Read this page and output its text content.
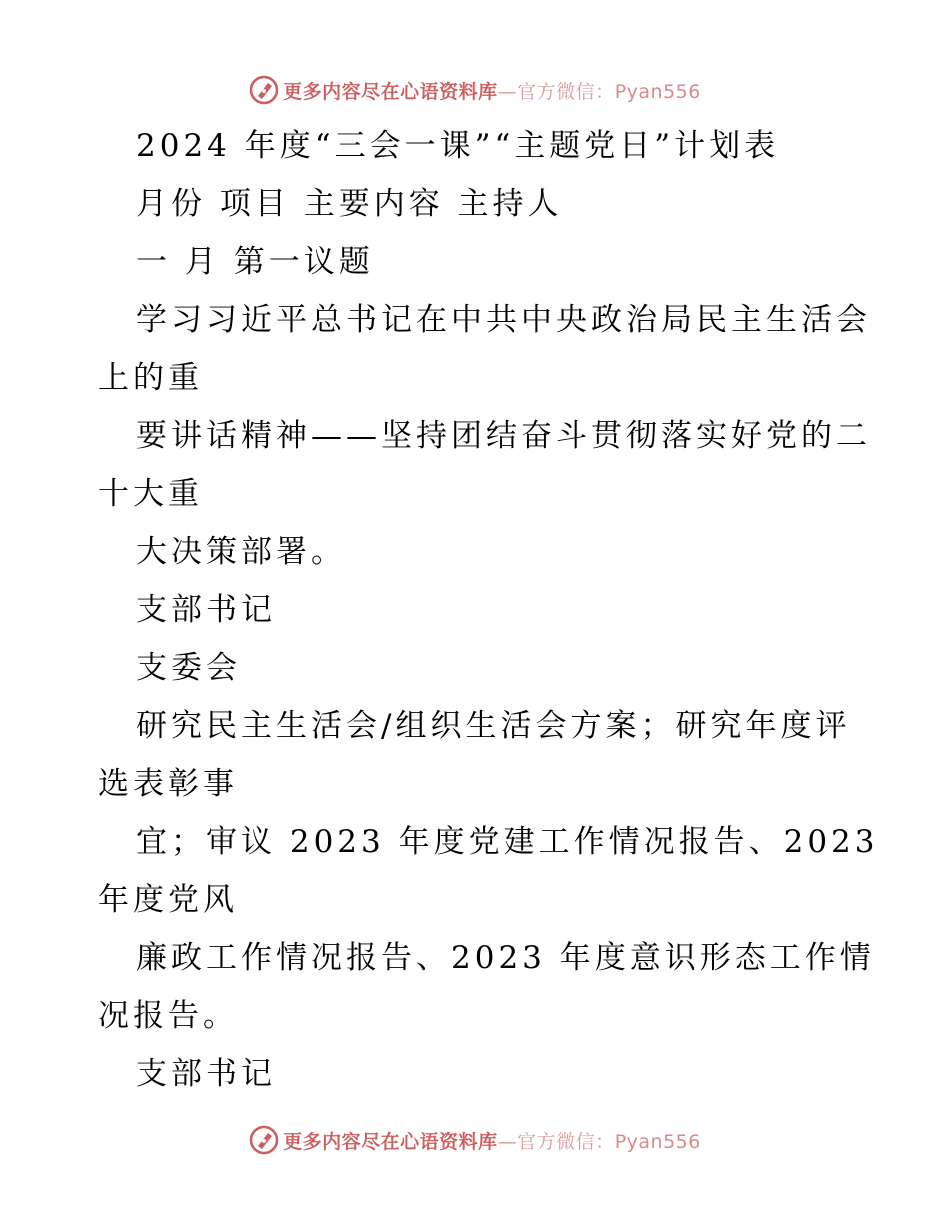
更多内容尽在心语资料库—官方微信：Pyan556
2024 年度“三会一课”“主题党日”计划表
月份 项目 主要内容 主持人
一 月 第一议题
学习习近平总书记在中共中央政治局民主生活会
上的重
要讲话精神——坚持团结奋斗贯彻落实好党的二
十大重
大决策部署。
支部书记
支委会
研究民主生活会/组织生活会方案；研究年度评
选表彰事
宜；审议 2023 年度党建工作情况报告、2023
年度党风
廉政工作情况报告、2023 年度意识形态工作情
况报告。
支部书记
更多内容尽在心语资料库—官方微信：Pyan556
